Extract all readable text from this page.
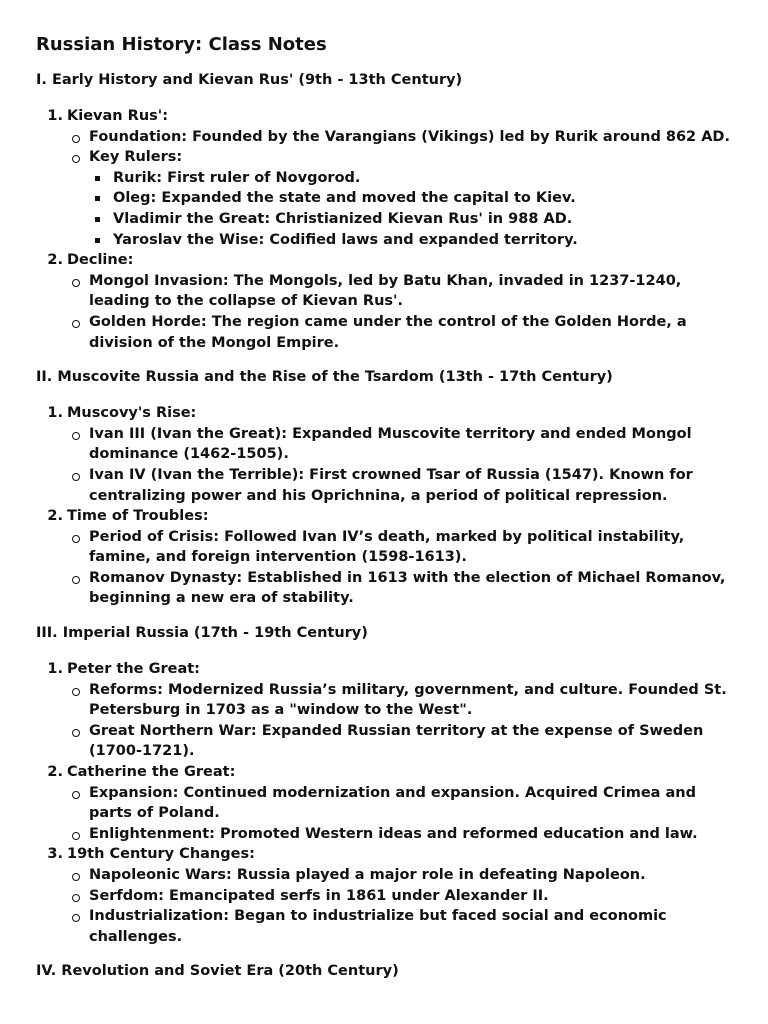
Russian History: Class Notes
I. Early History and Kievan Rus' (9th - 13th Century)
1. Kievan Rus':
Foundation: Founded by the Varangians (Vikings) led by Rurik around 862 AD.
Key Rulers:
Rurik: First ruler of Novgorod.
Oleg: Expanded the state and moved the capital to Kiev.
Vladimir the Great: Christianized Kievan Rus' in 988 AD.
Yaroslav the Wise: Codified laws and expanded territory.
2. Decline:
Mongol Invasion: The Mongols, led by Batu Khan, invaded in 1237-1240, leading to the collapse of Kievan Rus'.
Golden Horde: The region came under the control of the Golden Horde, a division of the Mongol Empire.
II. Muscovite Russia and the Rise of the Tsardom (13th - 17th Century)
1. Muscovy's Rise:
Ivan III (Ivan the Great): Expanded Muscovite territory and ended Mongol dominance (1462-1505).
Ivan IV (Ivan the Terrible): First crowned Tsar of Russia (1547). Known for centralizing power and his Oprichnina, a period of political repression.
2. Time of Troubles:
Period of Crisis: Followed Ivan IV’s death, marked by political instability, famine, and foreign intervention (1598-1613).
Romanov Dynasty: Established in 1613 with the election of Michael Romanov, beginning a new era of stability.
III. Imperial Russia (17th - 19th Century)
1. Peter the Great:
Reforms: Modernized Russia’s military, government, and culture. Founded St. Petersburg in 1703 as a "window to the West".
Great Northern War: Expanded Russian territory at the expense of Sweden (1700-1721).
2. Catherine the Great:
Expansion: Continued modernization and expansion. Acquired Crimea and parts of Poland.
Enlightenment: Promoted Western ideas and reformed education and law.
3. 19th Century Changes:
Napoleonic Wars: Russia played a major role in defeating Napoleon.
Serfdom: Emancipated serfs in 1861 under Alexander II.
Industrialization: Began to industrialize but faced social and economic challenges.
IV. Revolution and Soviet Era (20th Century)
